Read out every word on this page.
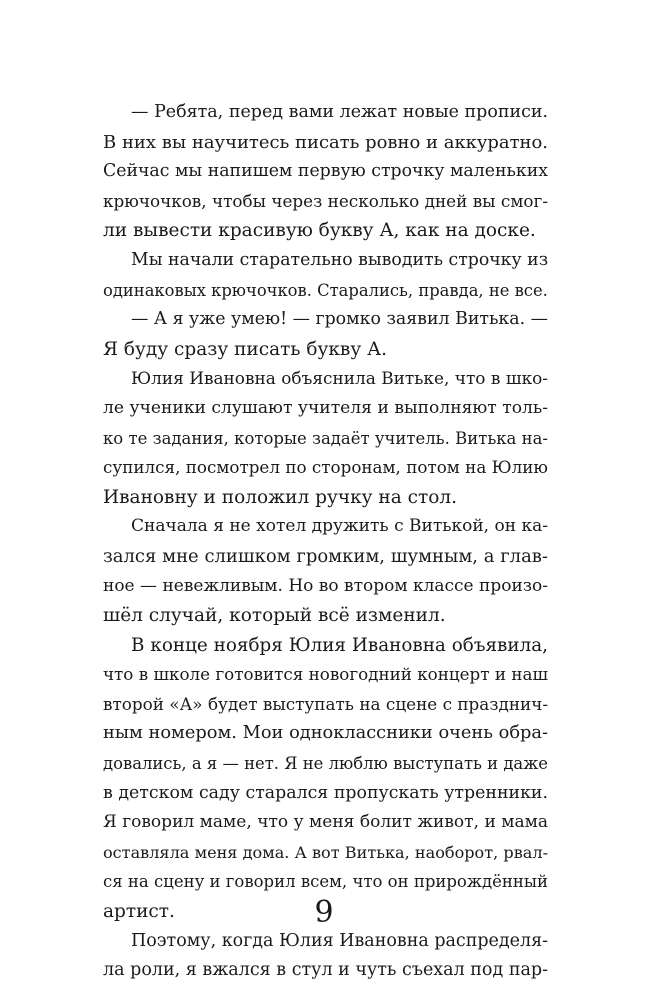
— Ребята, перед вами лежат новые прописи.
В них вы научитесь писать ровно и аккуратно.
Сейчас мы напишем первую строчку маленьких
крючочков, чтобы через несколько дней вы смог-
ли вывести красивую букву А, как на доске.
Мы начали старательно выводить строчку из
одинаковых крючочков. Старались, правда, не все.
— А я уже умею! — громко заявил Витька. —
Я буду сразу писать букву А.
Юлия Ивановна объяснила Витьке, что в шко-
ле ученики слушают учителя и выполняют толь-
ко те задания, которые задаёт учитель. Витька на-
супился, посмотрел по сторонам, потом на Юлию
Ивановну и положил ручку на стол.
Сначала я не хотел дружить с Витькой, он ка-
зался мне слишком громким, шумным, а глав-
ное — невежливым. Но во втором классе произо-
шёл случай, который всё изменил.
В конце ноября Юлия Ивановна объявила,
что в школе готовится новогодний концерт и наш
второй «А» будет выступать на сцене с празднич-
ным номером. Мои одноклассники очень обра-
довались, а я — нет. Я не люблю выступать и даже
в детском саду старался пропускать утренники.
Я говорил маме, что у меня болит живот, и мама
оставляла меня дома. А вот Витька, наоборот, рвал-
ся на сцену и говорил всем, что он прирождённый
артист.
Поэтому, когда Юлия Ивановна распределя-
ла роли, я вжался в стул и чуть съехал под пар-
9
